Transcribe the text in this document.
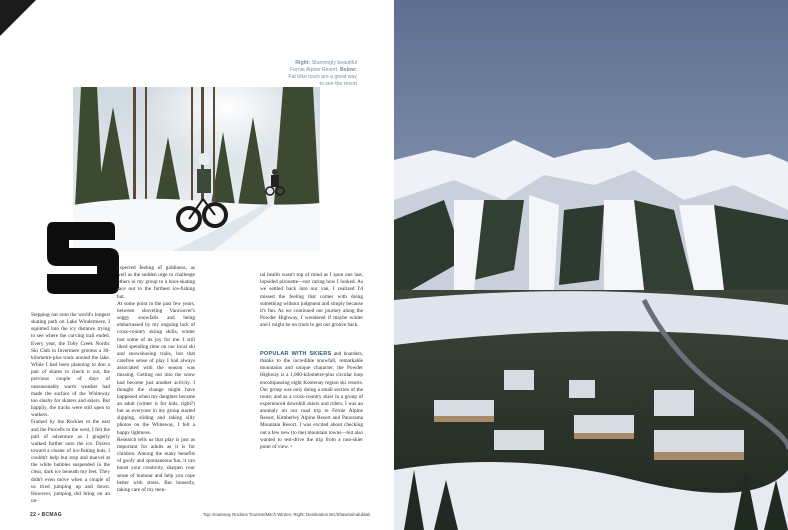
Right: Stunningly beautiful Fernie Alpine Resort. Below: Fat bike tours are a great way to see the resort
Stepping out onto the world's longest skating path on Lake Windermere, I squinted into the icy distance trying to see where the curving trail ended. Every year, the Toby Creek Nordic Ski Club in Invermere grooms a 30-kilometre-plus track around the lake. While I had been planning to don a pair of skates to check it out, the previous couple of days of unseasonably warm weather had made the surface of the Whiteway too slushy for skaters and skiers. But happily, the tracks were still open to walkers.
Framed by the Rockies to the east and the Purcells to the west, I felt the pull of adventure as I gingerly walked further onto the ice. Drawn toward a cluster of ice-fishing huts, I couldn't help but stop and marvel at the white bubbles suspended in the clear, dark ice beneath my feet. They didn't even move when a couple of us tried jumping up and down. However, jumping did bring on an un-
expected feeling of giddiness, as well as the sudden urge to challenge others in my group to a boot-skating race out to the furthest ice-fishing hut.
At some point in the past few years, between shoveling Vancouver's soggy snowfalls and being embarrassed by my ongoing lack of cross-country skiing skills, winter lost some of its joy for me. I still liked spending time on our local ski and snowshoeing trails, but that carefree sense of play I had always associated with the season was missing. Getting out into the snow had become just another activity. I thought the change might have happened when my daughter became an adult (winter is for kids, right?) but as everyone in my group started slipping, sliding and taking silly photos on the Whiteway, I felt a happy lightness.
Research tells us that play is just as important for adults as it is for children. Among the many benefits of goofy and spontaneous fun, it can boost your creativity, sharpen your sense of humour and help you cope better with stress. But honestly, taking care of my men-

tal health wasn't top of mind as I spun one last, lopsided pirouette—not caring how I looked. As we settled back into our van, I realized I'd missed the feeling that comes with doing something without judgment and simply because it's fun. As we continued our journey along the Powder Highway, I wondered if maybe winter and I might be on track to get our groove back.

POPULAR WITH SKIERS and boarders, thanks to the incredible snowfall, remarkable mountains and unique character, the Powder Highway is a 1,000-kilometre-plus circular loop encompassing eight Kootenay region ski resorts. Our group was only doing a small section of the route; and as a cross-country skier in a group of experienced downhill skiers and riders, I was an anomaly on our road trip to Fernie Alpine Resort, Kimberley Alpine Resort and Panorama Mountain Resort. I was excited about checking out a few new (to me) mountain towns—but also wanted to test-drive the trip from a non-skier point of view. •

22 • BCMAG	Top: Kootenay Rockies Tourism/Mitch Winton; Right: Destination BC/Shawnsimdublab
